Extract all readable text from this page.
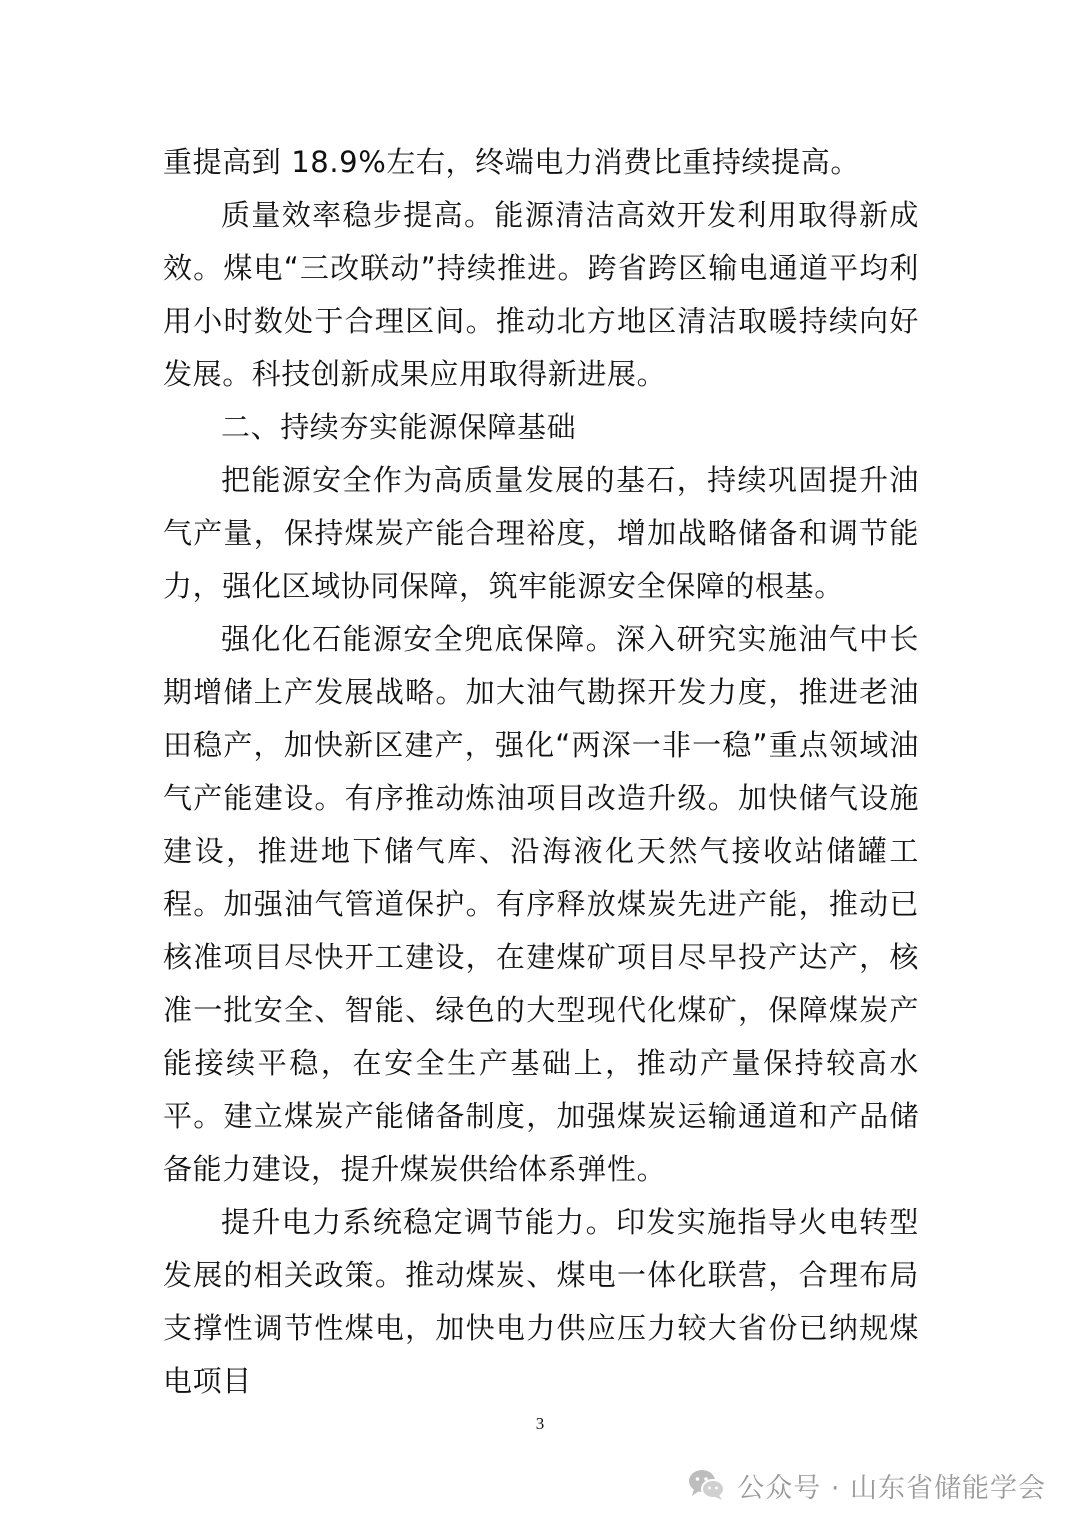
重提高到 18.9%左右，终端电力消费比重持续提高。

质量效率稳步提高。能源清洁高效开发利用取得新成效。煤电“三改联动”持续推进。跨省跨区输电通道平均利用小时数处于合理区间。推动北方地区清洁取暖持续向好发展。科技创新成果应用取得新进展。

二、持续夯实能源保障基础

把能源安全作为高质量发展的基石，持续巩固提升油气产量，保持煤炭产能合理裕度，增加战略储备和调节能力，强化区域协同保障，筑牢能源安全保障的根基。

强化化石能源安全兜底保障。深入研究实施油气中长期增储上产发展战略。加大油气勘探开发力度，推进老油田稳产，加快新区建产，强化“两深一非一稳”重点领域油气产能建设。有序推动炼油项目改造升级。加快储气设施建设，推进地下储气库、沿海液化天然气接收站储罐工程。加强油气管道保护。有序释放煤炭先进产能，推动已核准项目尽快开工建设，在建煤矿项目尽早投产达产，核准一批安全、智能、绿色的大型现代化煤矿，保障煤炭产能接续平稳，在安全生产基础上，推动产量保持较高水平。建立煤炭产能储备制度，加强煤炭运输通道和产品储备能力建设，提升煤炭供给体系弹性。

提升电力系统稳定调节能力。印发实施指导火电转型发展的相关政策。推动煤炭、煤电一体化联营，合理布局支撑性调节性煤电，加快电力供应压力较大省份已纳规煤电项目

3
公众号 · 山东省储能学会
